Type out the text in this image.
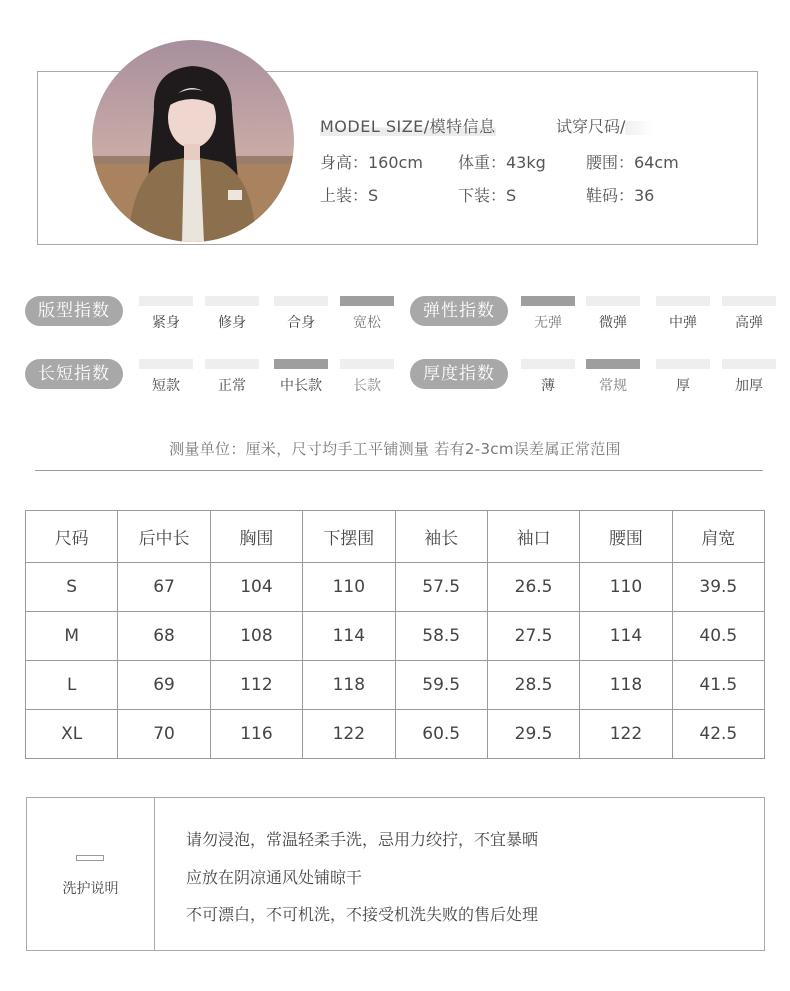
MODEL SIZE/模特信息	试穿尺码/
身高：160cm 体重：43kg	腰围：64cm
上装：S	下装：S	鞋码：36
版型指数
紧身	修身	合身	宽松
弹性指数
无弹	微弹	中弹	高弹
长短指数
短款	正常	中长款	长款
厚度指数
薄	常规	厚	加厚
测量单位：厘米，尺寸均手工平铺测量 若有2-3cm误差属正常范围
尺码	后中长	胸围	下摆围	袖长	袖口	腰围	肩宽
S	67	104	110	57.5	26.5	110	39.5
M	68	108	114	58.5	27.5	114	40.5
L	69	112	118	59.5	28.5	118	41.5
XL	70	116	122	60.5	29.5	122	42.5
洗护说明
请勿浸泡，常温轻柔手洗，忌用力绞拧，不宜暴晒
应放在阴凉通风处铺晾干
不可漂白，不可机洗，不接受机洗失败的售后处理
